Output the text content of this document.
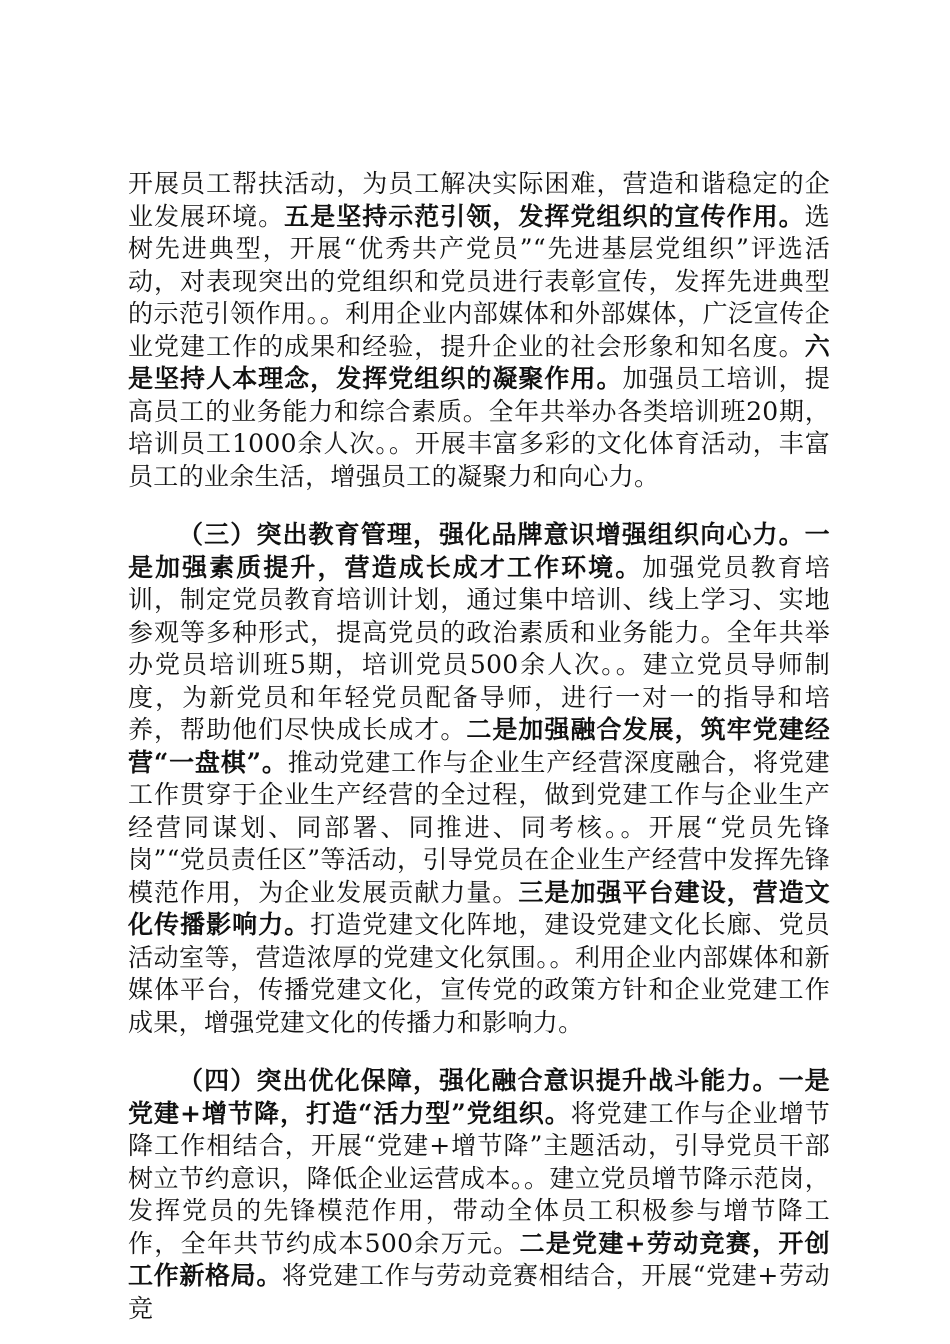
开展员工帮扶活动，为员工解决实际困难，营造和谐稳定的企业发展环境。五是坚持示范引领，发挥党组织的宣传作用。选树先进典型，开展“优秀共产党员”“先进基层党组织”评选活动，对表现突出的党组织和党员进行表彰宣传，发挥先进典型的示范引领作用。。利用企业内部媒体和外部媒体，广泛宣传企业党建工作的成果和经验，提升企业的社会形象和知名度。六是坚持人本理念，发挥党组织的凝聚作用。加强员工培训，提高员工的业务能力和综合素质。全年共举办各类培训班20期，培训员工1000余人次。。开展丰富多彩的文化体育活动，丰富员工的业余生活，增强员工的凝聚力和向心力。

（三）突出教育管理，强化品牌意识增强组织向心力。一是加强素质提升，营造成长成才工作环境。加强党员教育培训，制定党员教育培训计划，通过集中培训、线上学习、实地参观等多种形式，提高党员的政治素质和业务能力。全年共举办党员培训班5期，培训党员500余人次。。建立党员导师制度，为新党员和年轻党员配备导师，进行一对一的指导和培养，帮助他们尽快成长成才。二是加强融合发展，筑牢党建经营“一盘棋”。推动党建工作与企业生产经营深度融合，将党建工作贯穿于企业生产经营的全过程，做到党建工作与企业生产经营同谋划、同部署、同推进、同考核。。开展“党员先锋岗”“党员责任区”等活动，引导党员在企业生产经营中发挥先锋模范作用，为企业发展贡献力量。三是加强平台建设，营造文化传播影响力。打造党建文化阵地，建设党建文化长廊、党员活动室等，营造浓厚的党建文化氛围。。利用企业内部媒体和新媒体平台，传播党建文化，宣传党的政策方针和企业党建工作成果，增强党建文化的传播力和影响力。

（四）突出优化保障，强化融合意识提升战斗能力。一是党建+增节降，打造“活力型”党组织。将党建工作与企业增节降工作相结合，开展“党建+增节降”主题活动，引导党员干部树立节约意识，降低企业运营成本。。建立党员增节降示范岗，发挥党员的先锋模范作用，带动全体员工积极参与增节降工作，全年共节约成本500余万元。二是党建+劳动竞赛，开创工作新格局。将党建工作与劳动竞赛相结合，开展“党建+劳动竞
